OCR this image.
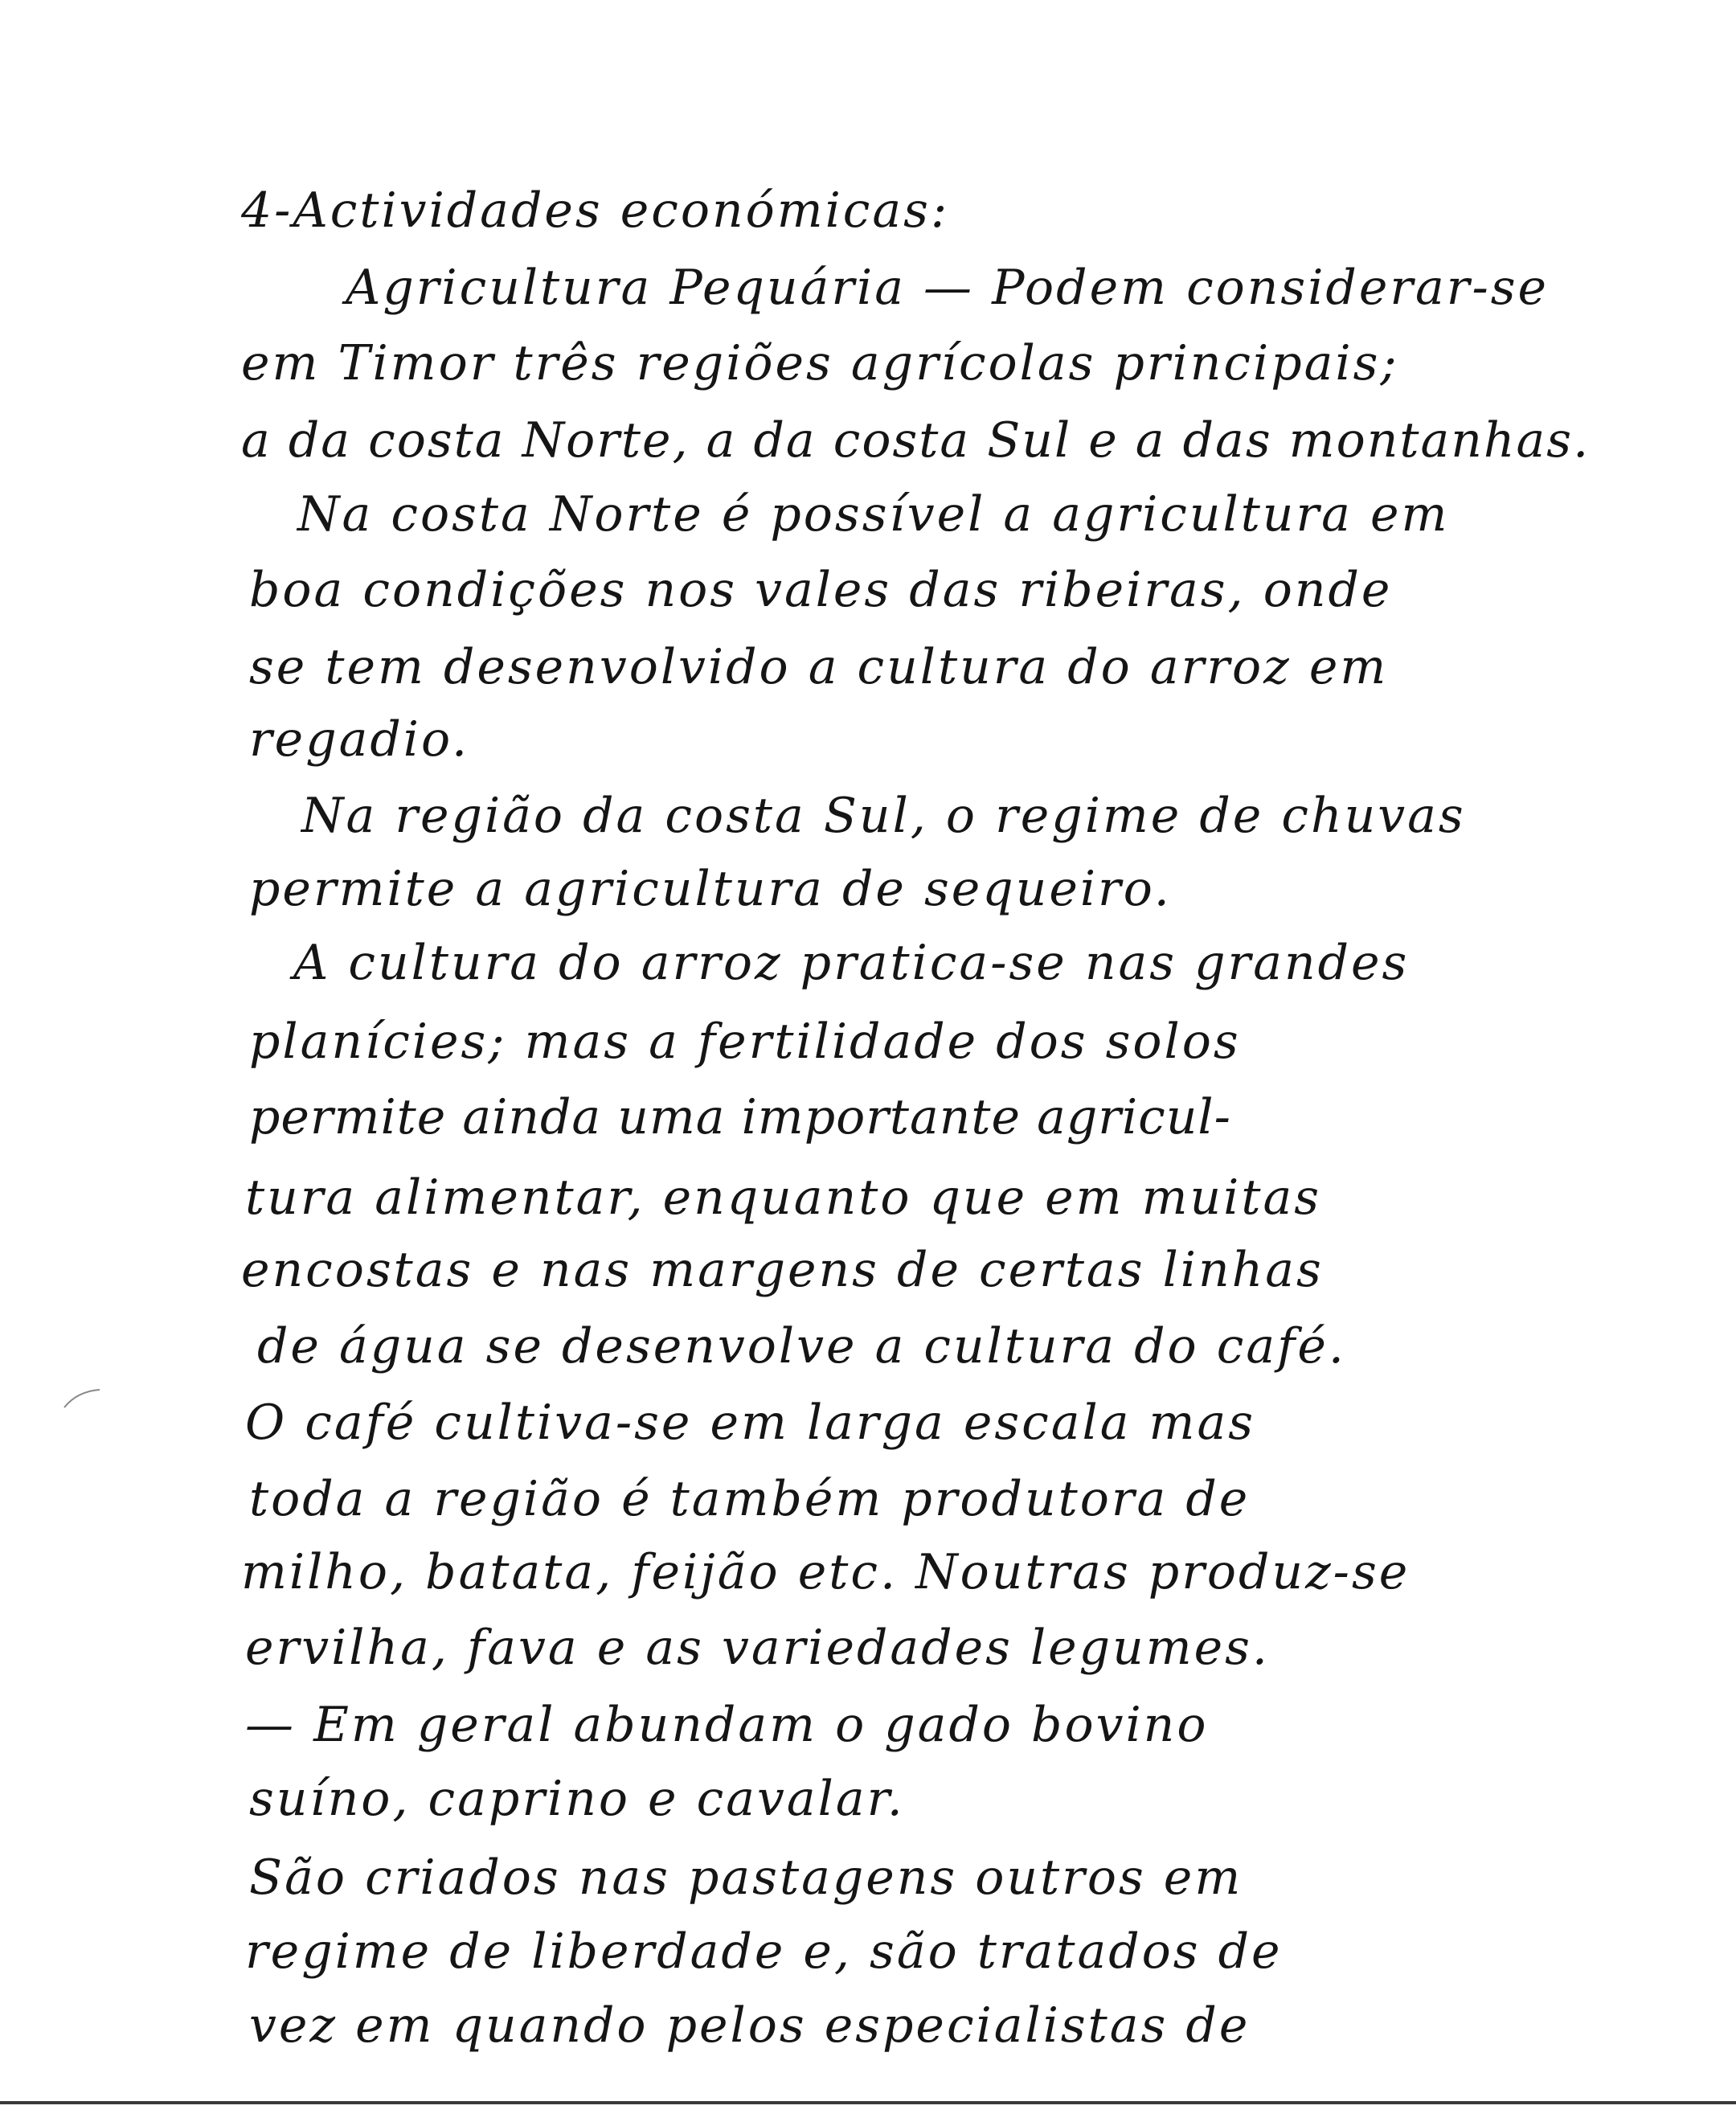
4-Actividades económicas:
Agricultura Pequária — Podem considerar-se
em Timor três regiões agrícolas principais;
a da costa Norte, a da costa Sul e a das montanhas.
Na costa Norte é possível a agricultura em
boa condições nos vales das ribeiras, onde
se tem desenvolvido a cultura do arroz em
regadio.
Na região da costa Sul, o regime de chuvas
permite a agricultura de sequeiro.
A cultura do arroz pratica-se nas grandes
planícies; mas a fertilidade dos solos
permite ainda uma importante agricul-
tura alimentar, enquanto que em muitas
encostas e nas margens de certas linhas
de água se desenvolve a cultura do café.
O café cultiva-se em larga escala mas
toda a região é também produtora de
milho, batata, feijão etc. Noutras produz-se
ervilha, fava e as variedades legumes.
— Em geral abundam o gado bovino
suíno, caprino e cavalar.
São criados nas pastagens outros em
regime de liberdade e, são tratados de
vez em quando pelos especialistas de
